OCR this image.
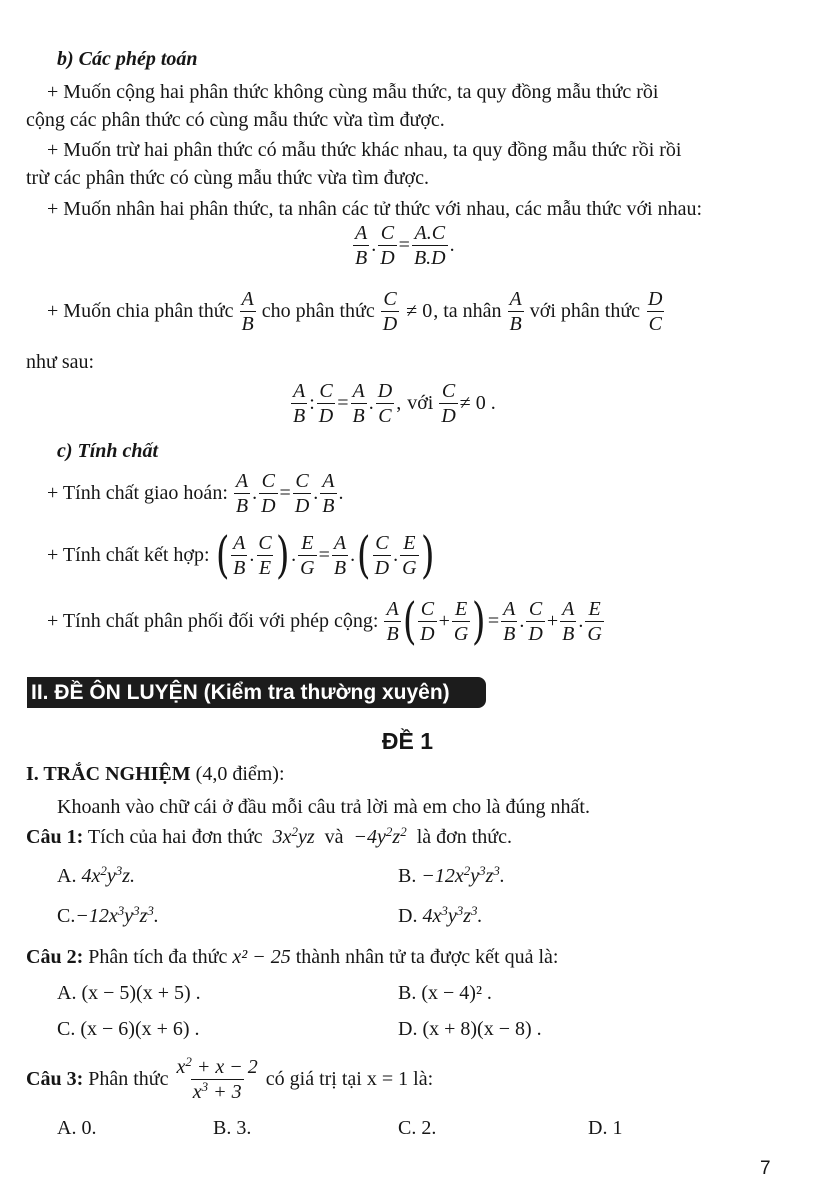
b) Các phép toán
+ Muốn cộng hai phân thức không cùng mẫu thức, ta quy đồng mẫu thức rồi
cộng các phân thức có cùng mẫu thức vừa tìm được.
+ Muốn trừ hai phân thức có mẫu thức khác nhau, ta quy đồng mẫu thức rồi rồi
trừ các phân thức có cùng mẫu thức vừa tìm được.
+ Muốn nhân hai phân thức, ta nhân các tử thức với nhau, các mẫu thức với nhau:
$\frac{A}{B}$ . $\frac{C}{D} = \frac{A.C}{B.D}$ .
+ Muốn chia phân thức
$\frac{A}{B}$
cho phân thức
$\frac{C}{D} \ne 0$ , ta nhân
$\frac{A}{B}$
với phân thức
$\frac{D}{C}$
như sau:
$\frac{A}{B}$ : $\frac{C}{D} = \frac{A}{B}$ . $\frac{D}{C}$ , với
$\frac{C}{D} \ne 0$ .
c) Tính chất
+ Tính chất giao hoán:
$\frac{A}{B}$ . $\frac{C}{D} = \frac{C}{D}$ . $\frac{A}{B}$ .
+ Tính chất kết hợp:
( $\frac{A}{B}$ . $\frac{C}{E}$ ) . $\frac{E}{G} = \frac{A}{B}$ . ( $\frac{C}{D}$ . $\frac{E}{G}$ )
+ Tính chất phân phối đối với phép cộng:
$\frac{A}{B}$ ( $\frac{C}{D} + \frac{E}{G}$ ) = $\frac{A}{B}$ . $\frac{C}{D} + \frac{A}{B}$ . $\frac{E}{G}$
II. ĐỀ ÔN LUYỆN (Kiểm tra thường xuyên)
ĐỀ 1
I. TRẮC NGHIỆM (4,0 điểm):
Khoanh vào chữ cái ở đầu mỗi câu trả lời mà em cho là đúng nhất.
Câu 1: Tích của hai đơn thức  $3x^2yz$  và  $-4y^2z^2$ là đơn thức.
A. $4x^2y^3z$.	B. $-12x^2y^3z^3$.
$C.-12x^3y^3z^3$.	D. $4x^3y^3z^3$.
Câu 2: Phân tích đa thức x² − 25 thành nhân tử ta được kết quả là:
A. (x − 5)(x + 5) .	B. (x − 4)² .
C. (x − 6)(x + 6) .	D. (x + 8)(x − 8) .
Câu 3:
Phân thức
$\frac{x^2 + x - 2}{x^3 + 3}$
có giá trị tại x = 1 là:
A. 0.	B. 3.	C. 2.	D. 1
7
